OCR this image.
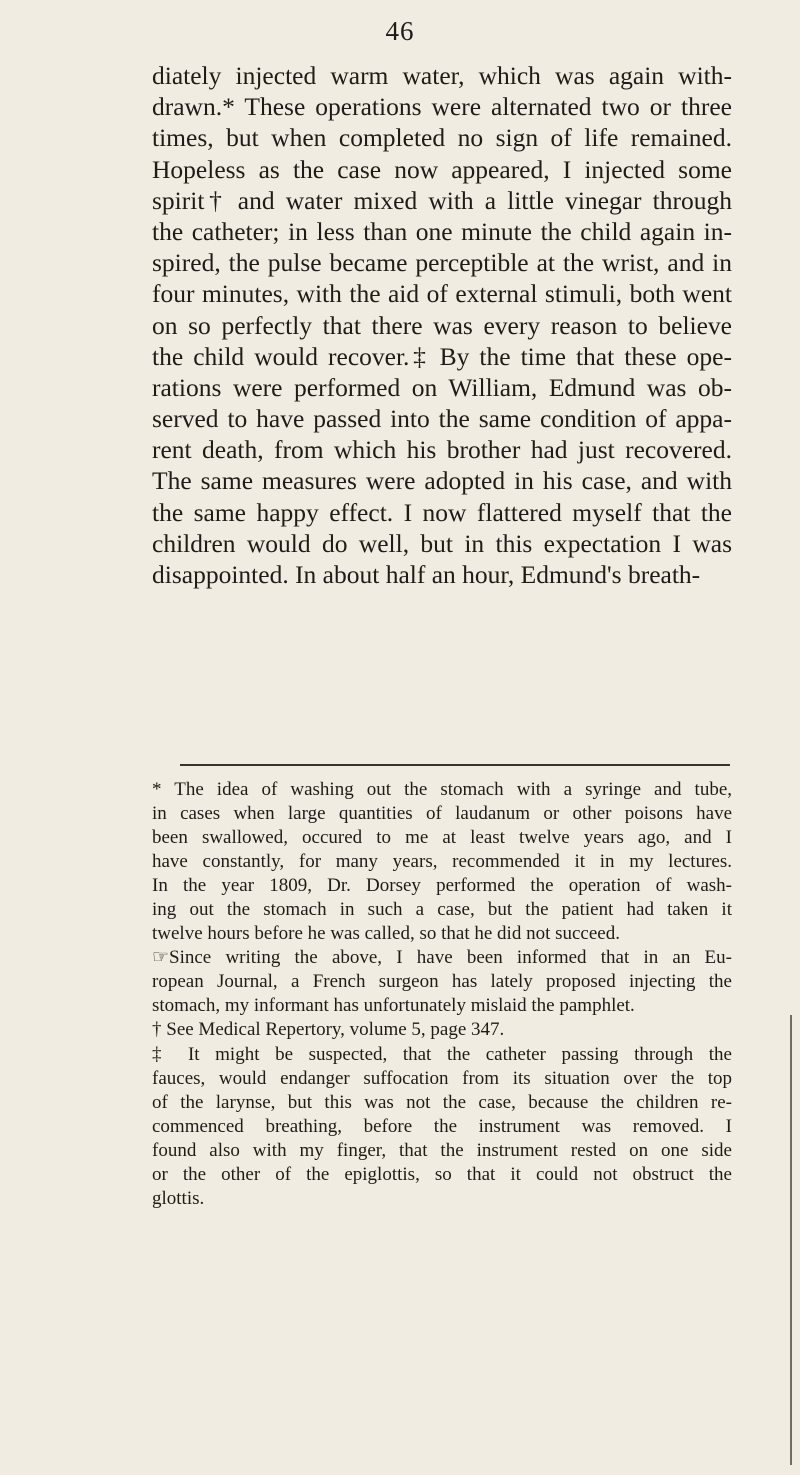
46
diately injected warm water, which was again with-
drawn.* These operations were alternated two or three
times, but when completed no sign of life remained.
Hopeless as the case now appeared, I injected some
spirit† and water mixed with a little vinegar through
the catheter; in less than one minute the child again in-
spired, the pulse became perceptible at the wrist, and in
four minutes, with the aid of external stimuli, both went
on so perfectly that there was every reason to believe
the child would recover.‡ By the time that these ope-
rations were performed on William, Edmund was ob-
served to have passed into the same condition of appa-
rent death, from which his brother had just recovered.
The same measures were adopted in his case, and with
the same happy effect. I now flattered myself that the
children would do well, but in this expectation I was
disappointed. In about half an hour, Edmund's breath-
* The idea of washing out the stomach with a syringe and tube,
in cases when large quantities of laudanum or other poisons have
been swallowed, occured to me at least twelve years ago, and I
have constantly, for many years, recommended it in my lectures.
In the year 1809, Dr. Dorsey performed the operation of wash-
ing out the stomach in such a case, but the patient had taken it
twelve hours before he was called, so that he did not succeed.
☞Since writing the above, I have been informed that in an Eu-
ropean Journal, a French surgeon has lately proposed injecting the
stomach, my informant has unfortunately mislaid the pamphlet.
† See Medical Repertory, volume 5, page 347.
‡ It might be suspected, that the catheter passing through the
fauces, would endanger suffocation from its situation over the top
of the larynse, but this was not the case, because the children re-
commenced breathing, before the instrument was removed. I
found also with my finger, that the instrument rested on one side
or the other of the epiglottis, so that it could not obstruct the
glottis.
